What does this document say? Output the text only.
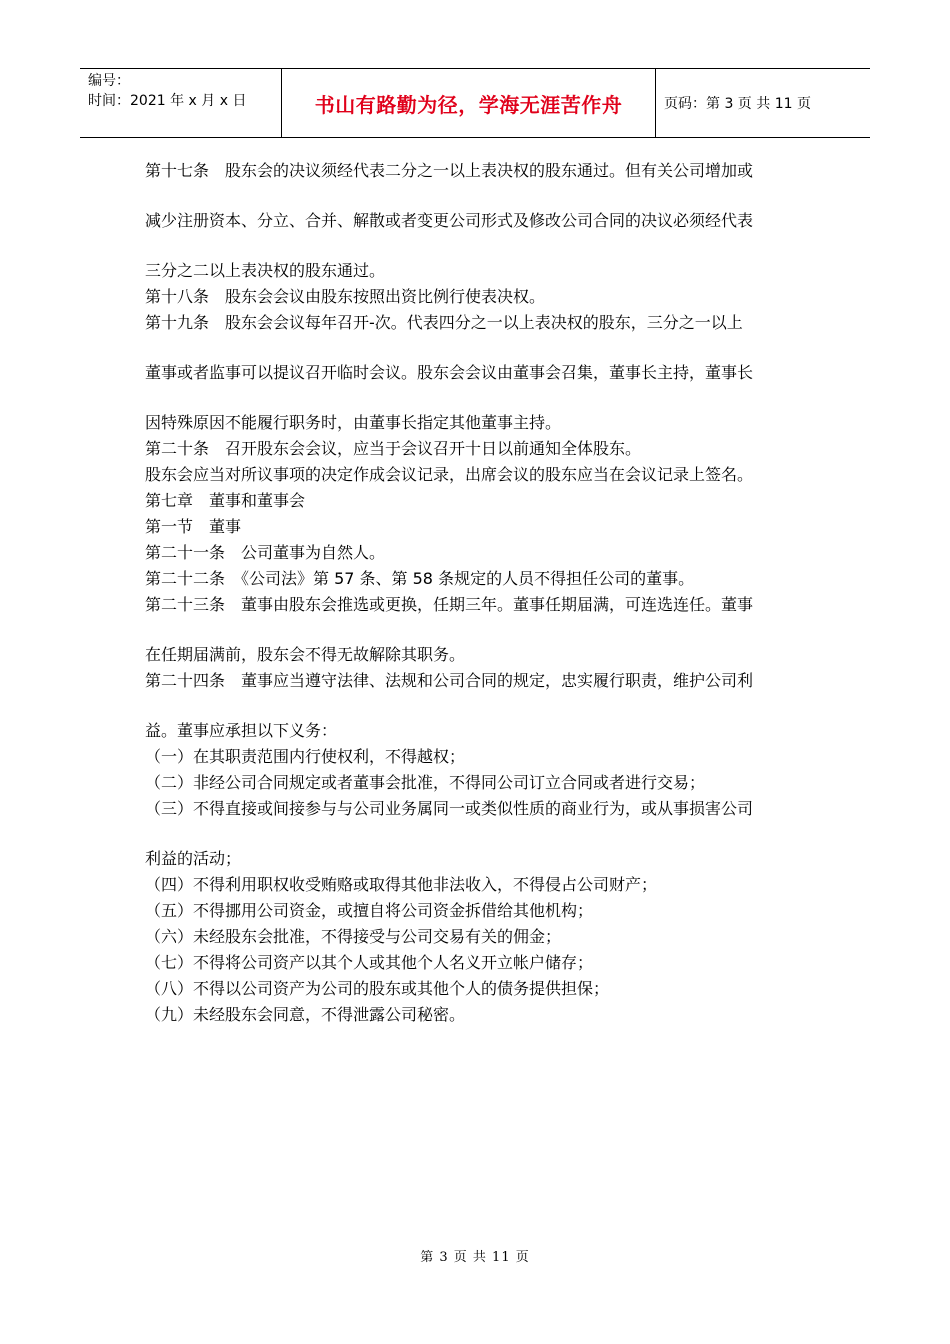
编号：
时间：2021 年 x 月 x 日	书山有路勤为径，学海无涯苦作舟	页码：第 3 页 共 11 页

第十七条　股东会的决议须经代表二分之一以上表决权的股东通过。但有关公司增加或

减少注册资本、分立、合并、解散或者变更公司形式及修改公司合同的决议必须经代表

三分之二以上表决权的股东通过。

第十八条　股东会会议由股东按照出资比例行使表决权。

第十九条　股东会会议每年召开-次。代表四分之一以上表决权的股东，三分之一以上

董事或者监事可以提议召开临时会议。股东会会议由董事会召集，董事长主持，董事长

因特殊原因不能履行职务时，由董事长指定其他董事主持。

第二十条　召开股东会会议，应当于会议召开十日以前通知全体股东。

股东会应当对所议事项的决定作成会议记录，出席会议的股东应当在会议记录上签名。

第七章　董事和董事会

第一节　董事

第二十一条　公司董事为自然人。

第二十二条　《公司法》第 57 条、第 58 条规定的人员不得担任公司的董事。

第二十三条　董事由股东会推选或更换，任期三年。董事任期届满，可连选连任。董事

在任期届满前，股东会不得无故解除其职务。

第二十四条　董事应当遵守法律、法规和公司合同的规定，忠实履行职责，维护公司利

益。董事应承担以下义务：

（一）在其职责范围内行使权利，不得越权；

（二）非经公司合同规定或者董事会批准，不得同公司订立合同或者进行交易；

（三）不得直接或间接参与与公司业务属同一或类似性质的商业行为，或从事损害公司

利益的活动；

（四）不得利用职权收受贿赂或取得其他非法收入，不得侵占公司财产；

（五）不得挪用公司资金，或擅自将公司资金拆借给其他机构；

（六）未经股东会批准，不得接受与公司交易有关的佣金；

（七）不得将公司资产以其个人或其他个人名义开立帐户储存；

（八）不得以公司资产为公司的股东或其他个人的债务提供担保；

（九）未经股东会同意，不得泄露公司秘密。

第 3 页 共 11 页
